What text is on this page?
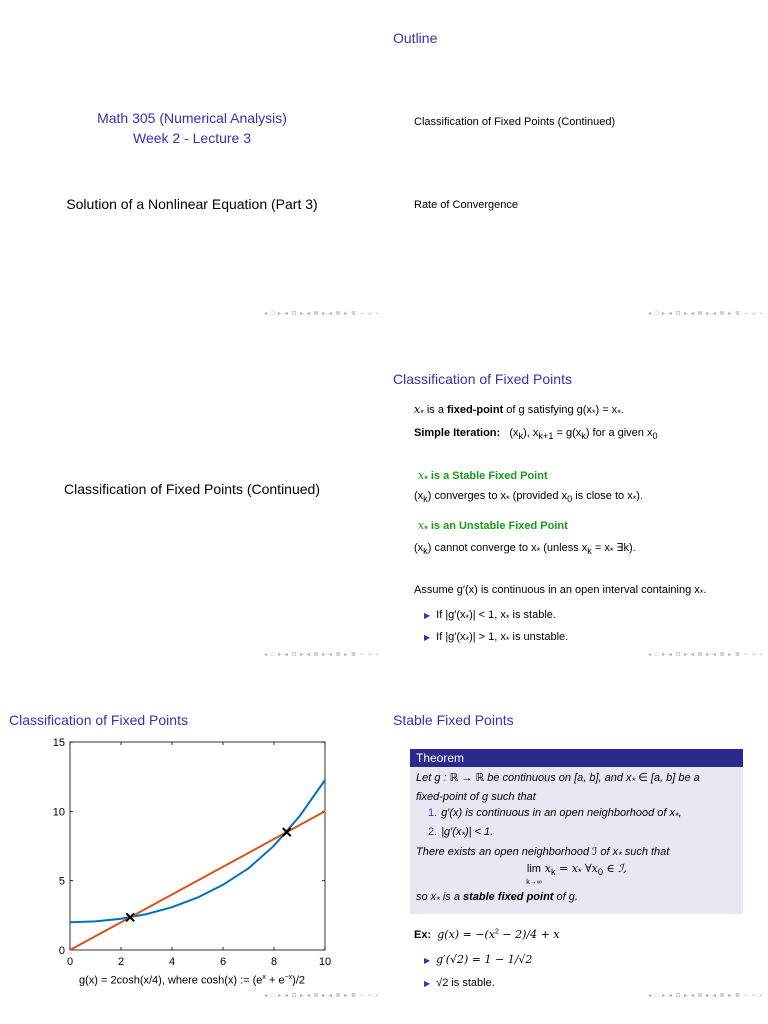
Math 305 (Numerical Analysis)
Week 2 - Lecture 3
Solution of a Nonlinear Equation (Part 3)
◂ □ ▸ ◂ ⊡ ▸ ◂ ≣ ▸ ◂ ≣ ▸ ≣ ∽ ⌐ ⌐
Outline
Classification of Fixed Points (Continued)
Rate of Convergence
◂ □ ▸ ◂ ⊡ ▸ ◂ ≣ ▸ ◂ ≣ ▸ ≣ ∽ ⌐ ⌐
Classification of Fixed Points (Continued)
◂ □ ▸ ◂ ⊡ ▸ ◂ ≣ ▸ ◂ ≣ ▸ ≣ ∽ ⌐ ⌐
Classification of Fixed Points
$x_*$ is a fixed-point of g satisfying $g(x_*) = x_*$.
Simple Iteration: $(x_k)$, $x_{k+1} = g(x_k)$ for a given $x_0$
$x_*$ is a Stable Fixed Point
$(x_k)$ converges to $x_*$ (provided $x_0$ is close to $x_*$).
$x_*$ is an Unstable Fixed Point
$(x_k)$ cannot converge to $x_*$ (unless $x_k = x_*$ ∃k).
Assume g′(x) is continuous in an open interval containing $x_*$.
▶ If $|g'(x_*)| < 1$, $x_*$ is stable.
▶ If $|g'(x_*)| > 1$, $x_*$ is unstable.
◂ □ ▸ ◂ ⊡ ▸ ◂ ≣ ▸ ◂ ≣ ▸ ≣ ∽ ⌐ ⌐
Classification of Fixed Points
0	2	4	6	8	10
0
5
10
15
g(x) = 2cosh(x/4), where cosh(x) := $(e^x + e^{-x})/2$
◂ □ ▸ ◂ ⊡ ▸ ◂ ≣ ▸ ◂ ≣ ▸ ≣ ∽ ⌐ ⌐
Stable Fixed Points
Theorem
Let g : ℝ → ℝ be continuous on [a, b], and $x_*$ ∈ [a, b] be a
fixed-point of g such that
1. g′(x) is continuous in an open neighborhood of $x_*$,
2. $|g'(x_*)| < 1$.
There exists an open neighborhood ℐ of $x_*$ such that
lim
k→∞ $x_k = x_*$ $\forall x_0$ ∈ ℐ,
so $x_*$ is a stable fixed point of g.
Ex: $g(x) = -(x^2 - 2)/4 + x$
▶ g′(√2) = 1 − 1/√2
▶ √2 is stable.
◂ □ ▸ ◂ ⊡ ▸ ◂ ≣ ▸ ◂ ≣ ▸ ≣ ∽ ⌐ ⌐
